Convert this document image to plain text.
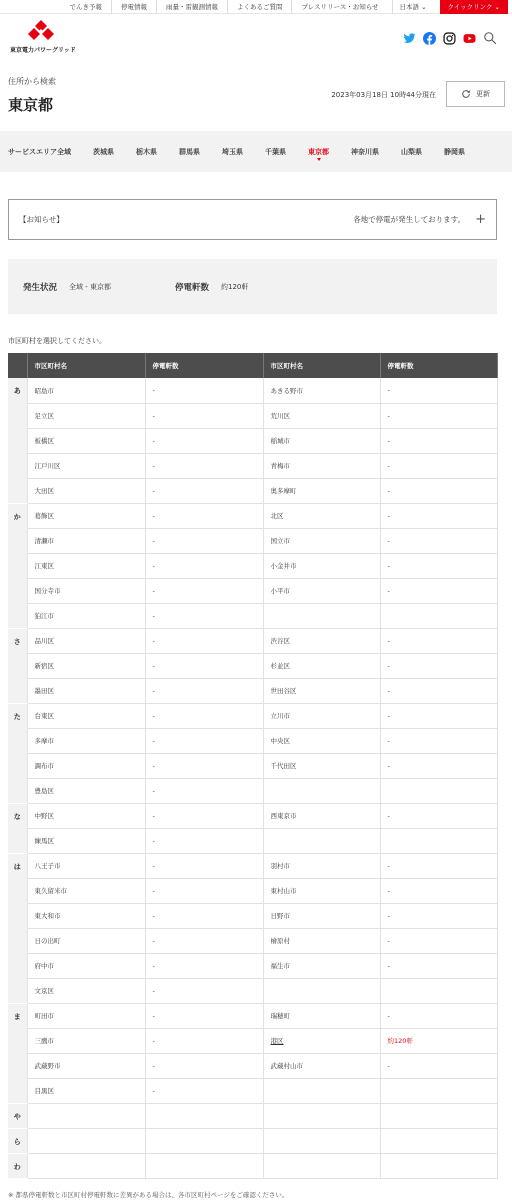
でんき予報	停電情報	雨量・雷観測情報	よくあるご質問	プレスリリース・お知らせ	日本語 ⌄	クイックリンク ⌄
東京電力パワーグリッド
住所から検索
東京都
2023年03月18日 10時44分現在	更新
サービスエリア全域	茨城県	栃木県	群馬県	埼玉県	千葉県	東京都	神奈川県	山梨県	静岡県
【お知らせ】	各地で停電が発生しております。 +
発生状況 全域 - 東京都	停電軒数 約120軒
市区町村を選択してください。
	市区町村名	停電軒数	市区町村名	停電軒数
あ	昭島市	-	あきる野市	-
	足立区	-	荒川区	-
	板橋区	-	稲城市	-
	江戸川区	-	青梅市	-
	大田区	-	奥多摩町	-
か	葛飾区	-	北区	-
	清瀬市	-	国立市	-
	江東区	-	小金井市	-
	国分寺市	-	小平市	-
	狛江市	-		
さ	品川区	-	渋谷区	-
	新宿区	-	杉並区	-
	墨田区	-	世田谷区	-
た	台東区	-	立川市	-
	多摩市	-	中央区	-
	調布市	-	千代田区	-
	豊島区	-		
な	中野区	-	西東京市	-
	練馬区	-		
は	八王子市	-	羽村市	-
	東久留米市	-	東村山市	-
	東大和市	-	日野市	-
	日の出町	-	檜原村	-
	府中市	-	福生市	-
	文京区	-		
ま	町田市	-	瑞穂町	-
	三鷹市	-	港区	約120軒
	武蔵野市	-	武蔵村山市	-
	目黒区	-		
や				
ら				
わ				
※ 都県停電軒数と市区町村停電軒数に差異がある場合は、各市区町村ページをご確認ください。
